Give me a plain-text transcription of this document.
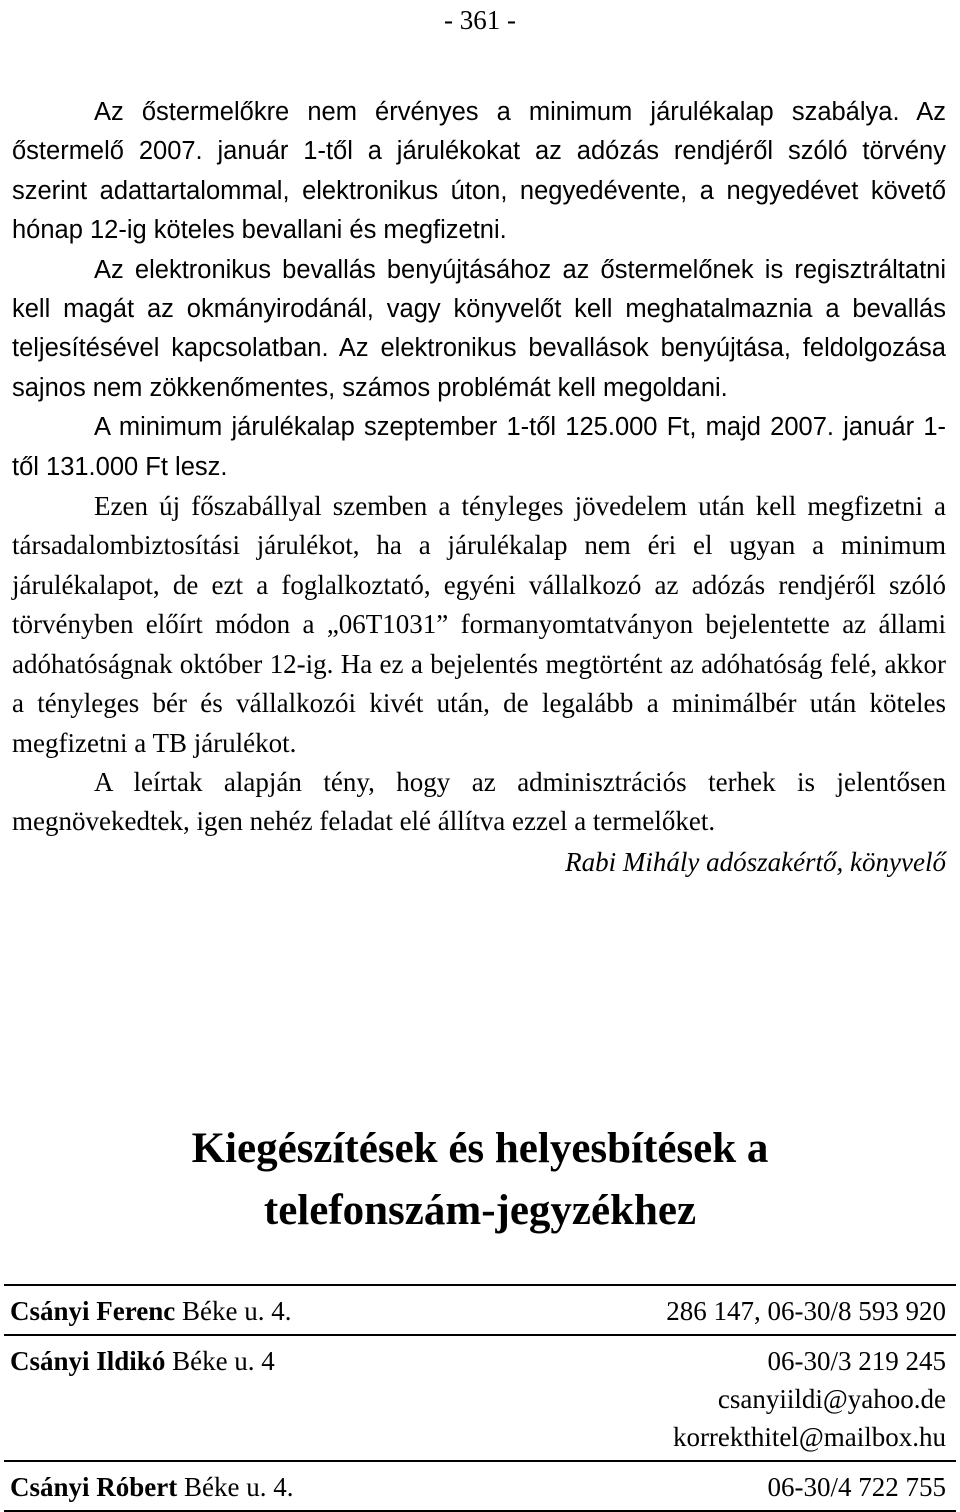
- 361 -

Az őstermelőkre nem érvényes a minimum járulékalap szabálya. Az őstermelő 2007. január 1-től a járulékokat az adózás rendjéről szóló törvény szerint adattartalommal, elektronikus úton, negyedévente, a negyedévet követő hónap 12-ig köteles bevallani és megfizetni.

Az elektronikus bevallás benyújtásához az őstermelőnek is regisztráltatni kell magát az okmányirodánál, vagy könyvelőt kell meghatalmaznia a bevallás teljesítésével kapcsolatban. Az elektronikus bevallások benyújtása, feldolgozása sajnos nem zökkenőmentes, számos problémát kell megoldani.

A minimum járulékalap szeptember 1-től 125.000 Ft, majd 2007. január 1-től 131.000 Ft lesz.

Ezen új főszabállyal szemben a tényleges jövedelem után kell megfizetni a társadalombiztosítási járulékot, ha a járulékalap nem éri el ugyan a minimum járulékalapot, de ezt a foglalkoztató, egyéni vállalkozó az adózás rendjéről szóló törvényben előírt módon a „06T1031” formanyomtatványon bejelentette az állami adóhatóságnak október 12-ig. Ha ez a bejelentés megtörtént az adóhatóság felé, akkor a tényleges bér és vállalkozói kivét után, de legalább a minimálbér után köteles megfizetni a TB járulékot.

A leírtak alapján tény, hogy az adminisztrációs terhek is jelentősen megnövekedtek, igen nehéz feladat elé állítva ezzel a termelőket.

Rabi Mihály adószakértő, könyvelő

Kiegészítések és helyesbítések a
telefonszám-jegyzékhez
Csányi Ferenc Béke u. 4.	286 147, 06-30/8 593 920

Csányi Ildikó Béke u. 4	06-30/3 219 245
csanyiildi@yahoo.de
korrekthitel@mailbox.hu

Csányi Róbert Béke u. 4.	06-30/4 722 755
